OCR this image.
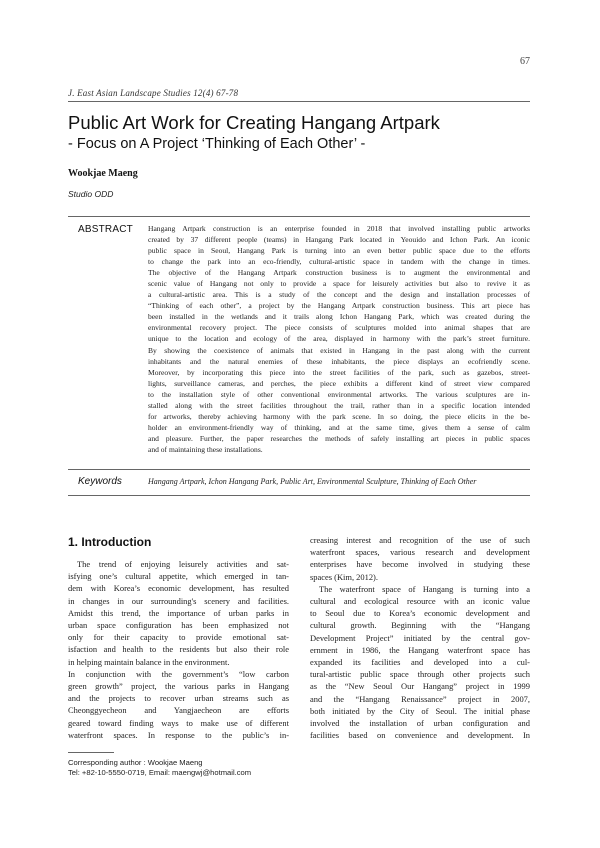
67
J. East Asian Landscape Studies 12(4) 67-78
Public Art Work for Creating Hangang Artpark
- Focus on A Project ‘Thinking of Each Other’ -
Wookjae Maeng
Studio ODD
ABSTRACT Hangang Artpark construction is an enterprise founded in 2018 that involved installing public artworks
created by 37 different people (teams) in Hangang Park located in Yeouido and Ichon Park. An iconic
public space in Seoul, Hangang Park is turning into an even better public space due to the efforts
to change the park into an eco-friendly, cultural-artistic space in tandem with the change in times.
The objective of the Hangang Artpark construction business is to augment the environmental and
scenic value of Hangang not only to provide a space for leisurely activities but also to revive it as
a cultural-artistic area. This is a study of the concept and the design and installation processes of
“Thinking of each other”, a project by the Hangang Artpark construction business. This art piece has
been installed in the wetlands and it trails along Ichon Hangang Park, which was created during the
environmental recovery project. The piece consists of sculptures molded into animal shapes that are
unique to the location and ecology of the area, displayed in harmony with the park’s street furniture.
By showing the coexistence of animals that existed in Hangang in the past along with the current
inhabitants and the natural enemies of these inhabitants, the piece displays an ecofriendly scene.
Moreover, by incorporating this piece into the street facilities of the park, such as gazebos, street-
lights, surveillance cameras, and perches, the piece exhibits a different kind of street view compared
to the installation style of other conventional environmental artworks. The various sculptures are in-
stalled along with the street facilities throughout the trail, rather than in a specific location intended
for artworks, thereby achieving harmony with the park scene. In so doing, the piece elicits in the be-
holder an environment-friendly way of thinking, and at the same time, gives them a sense of calm
and pleasure. Further, the paper researches the methods of safely installing art pieces in public spaces
and of maintaining these installations.
Keywords	Hangang Artpark, Ichon Hangang Park, Public Art, Environmental Sculpture, Thinking of Each Other
1. Introduction
The trend of enjoying leisurely activities and sat-
isfying one’s cultural appetite, which emerged in tan-
dem with Korea’s economic development, has resulted
in changes in our surrounding's scenery and facilities.
Amidst this trend, the importance of urban parks in
urban space configuration has been emphasized not
only for their capacity to provide emotional sat-
isfaction and health to the residents but also their role
in helping maintain balance in the environment.
In conjunction with the government’s “low carbon
green growth” project, the various parks in Hangang
and the projects to recover urban streams such as
Cheonggyecheon and Yangjaecheon are efforts
geared toward finding ways to make use of different
waterfront spaces. In response to the public’s in-
creasing interest and recognition of the use of such
waterfront spaces, various research and development
enterprises have become involved in studying these
spaces (Kim, 2012).
The waterfront space of Hangang is turning into a
cultural and ecological resource with an iconic value
to Seoul due to Korea’s economic development and
cultural growth. Beginning with the “Hangang
Development Project” initiated by the central gov-
ernment in 1986, the Hangang waterfront space has
expanded its facilities and developed into a cul-
tural-artistic public space through other projects such
as the “New Seoul Our Hangang” project in 1999
and the “Hangang Renaissance” project in 2007,
both initiated by the City of Seoul. The initial phase
involved the installation of urban configuration and
facilities based on convenience and development. In
Corresponding author : Wookjae Maeng
Tel: +82-10-5550-0719, Email: maengwj@hotmail.com
